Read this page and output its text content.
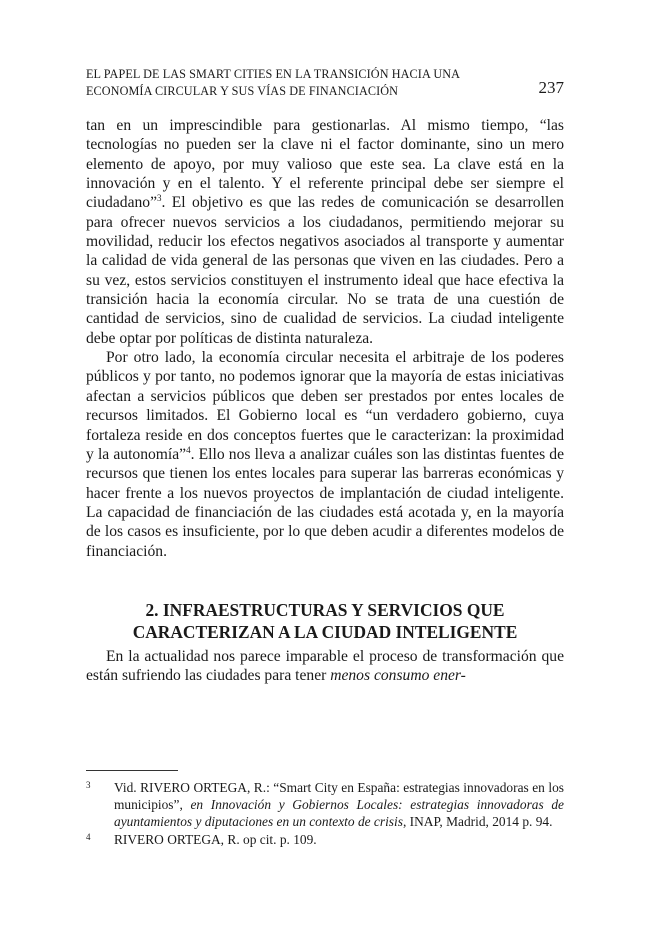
EL PAPEL DE LAS SMART CITIES EN LA TRANSICIÓN HACIA UNA
ECONOMÍA CIRCULAR Y SUS VÍAS DE FINANCIACIÓN	237

tan en un imprescindible para gestionarlas. Al mismo tiempo, “las tecnologías no pueden ser la clave ni el factor dominante, sino un mero elemento de apoyo, por muy valioso que este sea. La clave está en la innovación y en el talento. Y el referente principal debe ser siempre el ciudadano”$^3$. El objetivo es que las redes de comunicación se desarrollen para ofrecer nuevos servicios a los ciudadanos, permitiendo mejorar su movilidad, reducir los efectos negativos asociados al transporte y aumentar la calidad de vida general de las personas que viven en las ciudades. Pero a su vez, estos servicios constituyen el instrumento ideal que hace efectiva la transición hacia la economía circular. No se trata de una cuestión de cantidad de servicios, sino de cualidad de servicios. La ciudad inteligente debe optar por políticas de distinta naturaleza.

Por otro lado, la economía circular necesita el arbitraje de los poderes públicos y por tanto, no podemos ignorar que la mayoría de estas iniciativas afectan a servicios públicos que deben ser prestados por entes locales de recursos limitados. El Gobierno local es “un verdadero gobierno, cuya fortaleza reside en dos conceptos fuertes que le caracterizan: la proximidad y la autonomía”$^4$. Ello nos lleva a analizar cuáles son las distintas fuentes de recursos que tienen los entes locales para superar las barreras económicas y hacer frente a los nuevos proyectos de implantación de ciudad inteligente. La capacidad de financiación de las ciudades está acotada y, en la mayoría de los casos es insuficiente, por lo que deben acudir a diferentes modelos de financiación.

2. INFRAESTRUCTURAS Y SERVICIOS QUE
CARACTERIZAN A LA CIUDAD INTELIGENTE

En la actualidad nos parece imparable el proceso de transformación que están sufriendo las ciudades para tener menos consumo ener-

3	Vid. RIVERO ORTEGA, R.: “Smart City en España: estrategias innovadoras en los municipios”, en Innovación y Gobiernos Locales: estrategias innovadoras de ayuntamientos y diputaciones en un contexto de crisis, INAP, Madrid, 2014 p. 94.
4	RIVERO ORTEGA, R. op cit. p. 109.
